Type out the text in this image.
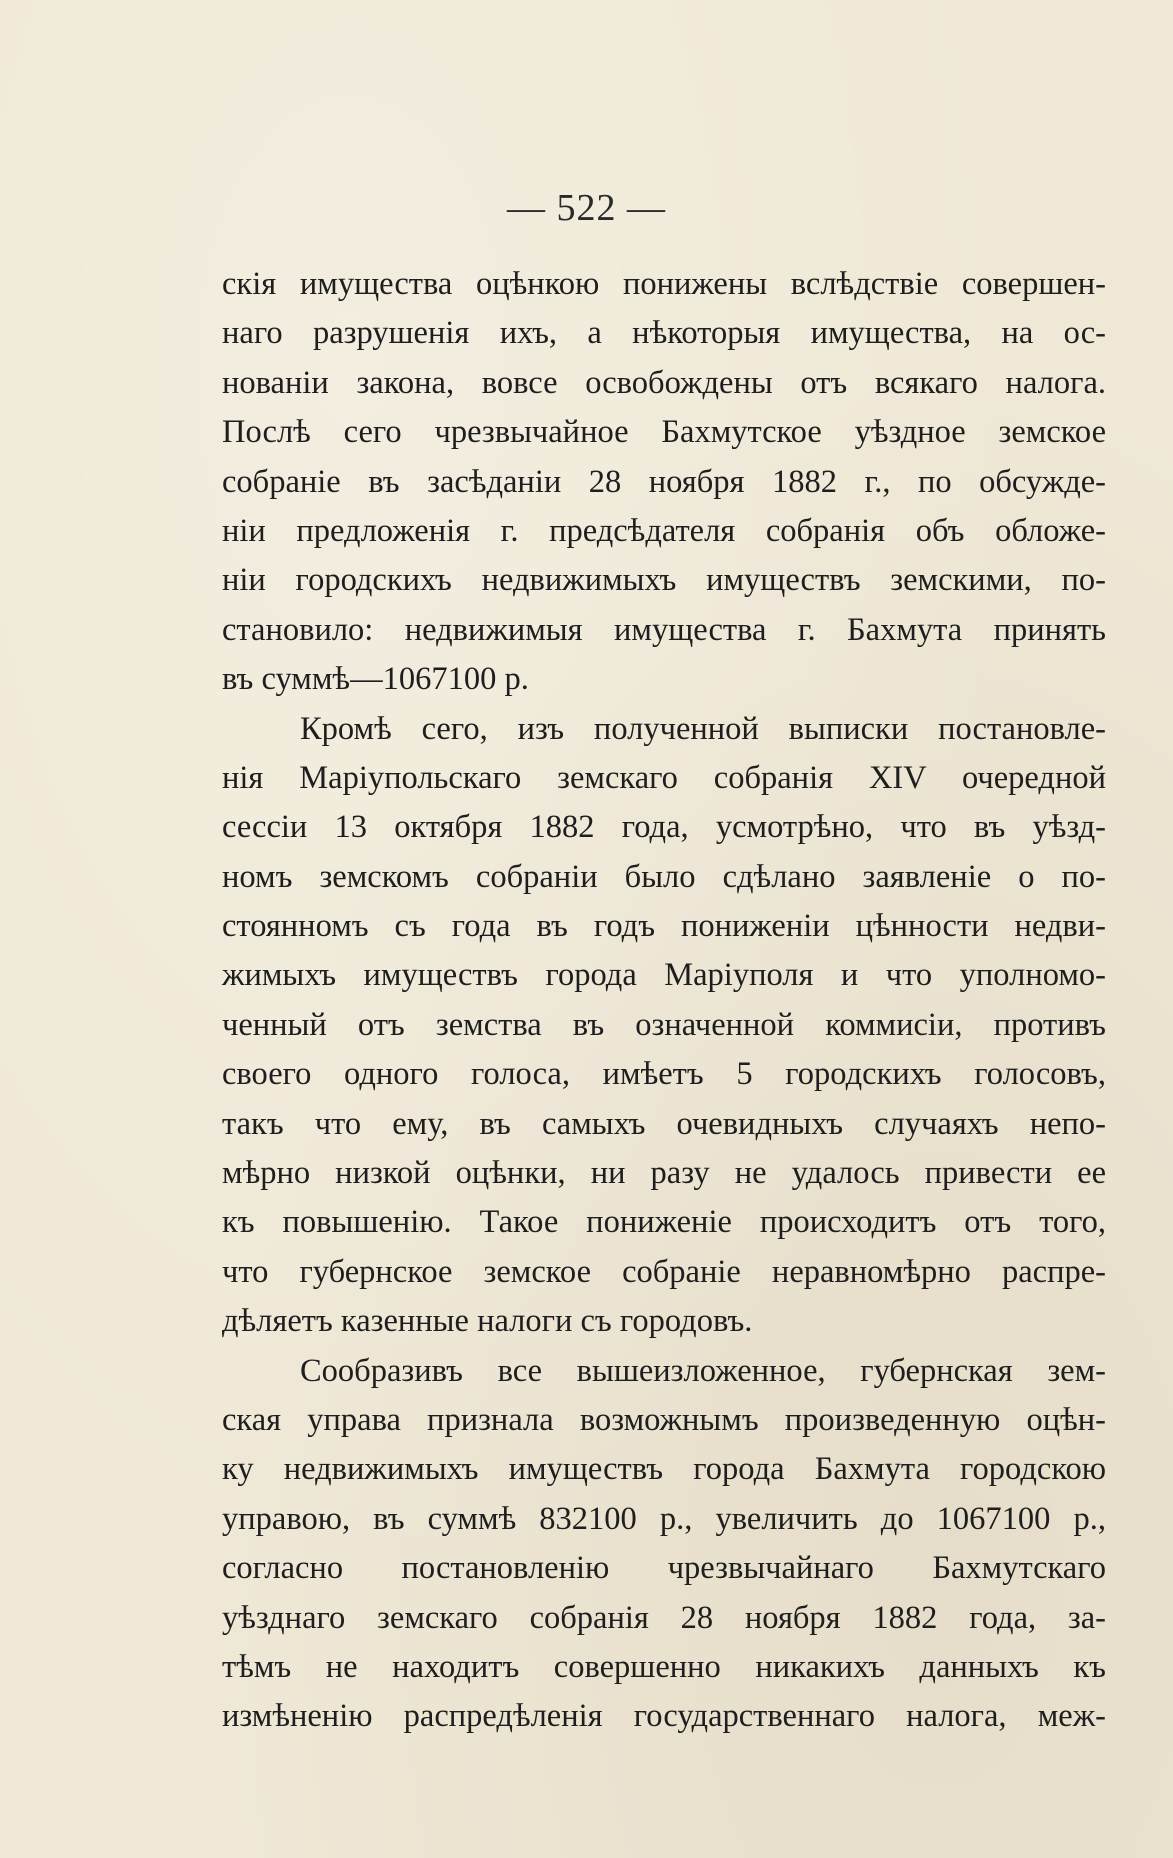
— 522 —

скія имущества оцѣнкою понижены вслѣдствіе совершен-
наго разрушенія ихъ, а нѣкоторыя имущества, на ос-
нованіи закона, вовсе освобождены отъ всякаго налога.
Послѣ сего чрезвычайное Бахмутское уѣздное земское
собраніе въ засѣданіи 28 ноября 1882 г., по обсужде-
ніи предложенія г. предсѣдателя собранія объ обложе-
ніи городскихъ недвижимыхъ имуществъ земскими, по-
становило: недвижимыя имущества г. Бахмута принять
въ суммѣ—1067100 р.

Кромѣ сего, изъ полученной выписки постановле-
нія Маріупольскаго земскаго собранія XIV очередной
сессіи 13 октября 1882 года, усмотрѣно, что въ уѣзд-
номъ земскомъ собраніи было сдѣлано заявленіе о по-
стоянномъ съ года въ годъ пониженіи цѣнности недви-
жимыхъ имуществъ города Маріуполя и что уполномо-
ченный отъ земства въ означенной коммисіи, противъ
своего одного голоса, имѣетъ 5 городскихъ голосовъ,
такъ что ему, въ самыхъ очевидныхъ случаяхъ непо-
мѣрно низкой оцѣнки, ни разу не удалось привести ее
къ повышенію. Такое пониженіе происходитъ отъ того,
что губернское земское собраніе неравномѣрно распре-
дѣляетъ казенные налоги съ городовъ.

Сообразивъ все вышеизложенное, губернская зем-
ская управа признала возможнымъ произведенную оцѣн-
ку недвижимыхъ имуществъ города Бахмута городскою
управою, въ суммѣ 832100 р., увеличить до 1067100 р.,
согласно постановленію чрезвычайнаго Бахмутскаго
уѣзднаго земскаго собранія 28 ноября 1882 года, за-
тѣмъ не находитъ совершенно никакихъ данныхъ къ
измѣненію распредѣленія государственнаго налога, меж-
